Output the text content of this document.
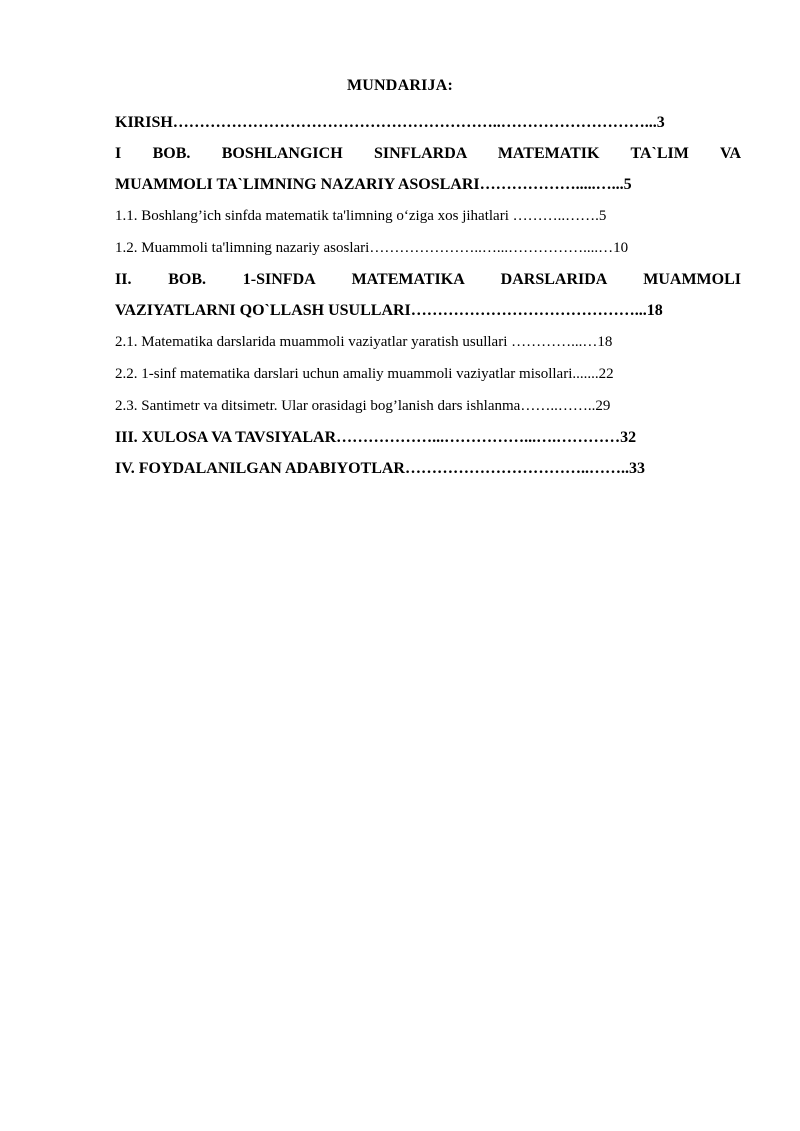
MUNDARIJA:
KIRISH……………………………………………………..………………………...3
I BOB. BOSHLANGICH SINFLARDA MATEMATIK TA`LIM VA
MUAMMOLI TA`LIMNING NAZARIY ASOSLARI……………….....…...5
1.1. Boshlang’ich sinfda matematik ta'limning o‘ziga xos jihatlari ………..…….5
1.2. Muammoli ta'limning nazariy asoslari…………………..…...……………....…10
II. BOB. 1-SINFDA MATEMATIKA DARSLARIDA MUAMMOLI
VAZIYATLARNI QO`LLASH USULLARI……………………………………...18
2.1. Matematika darslarida muammoli vaziyatlar yaratish usullari …………...…18
2.2. 1-sinf matematika darslari uchun amaliy muammoli vaziyatlar misollari.......22
2.3. Santimetr va ditsimetr. Ular orasidagi bog’lanish dars ishlanma……..……..29
III. XULOSA VA TAVSIYALAR………………...……………...….…………32
IV. FOYDALANILGAN ADABIYOTLAR……………………………..……..33
